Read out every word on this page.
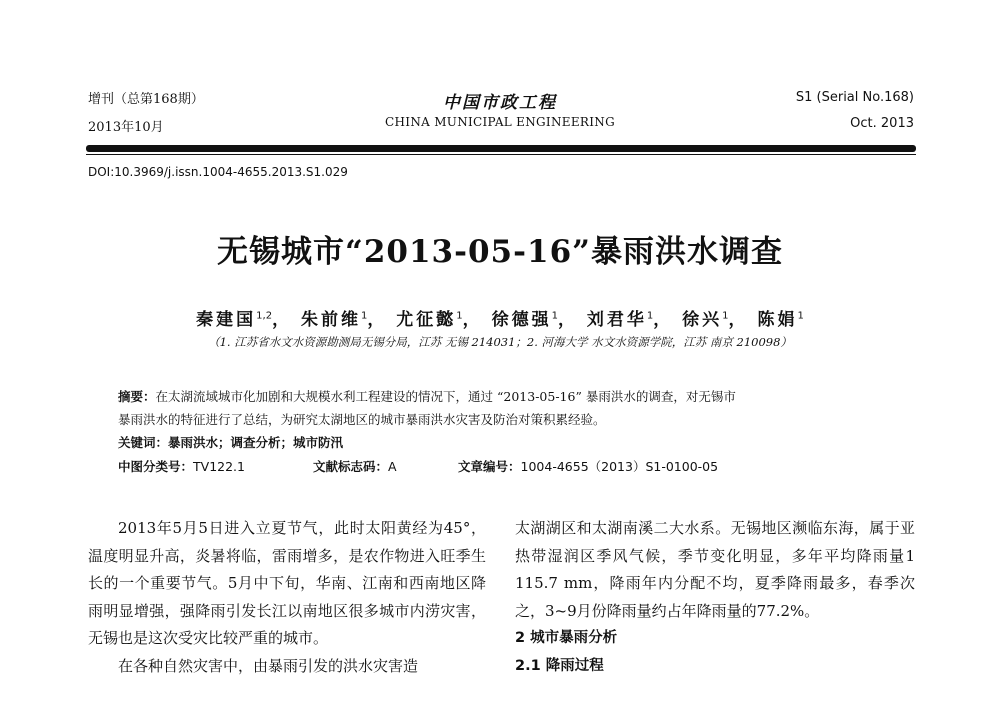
增刊（总第168期）
2013年10月
中国市政工程
CHINA MUNICIPAL ENGINEERING
S1 (Serial No.168)
Oct. 2013
DOI:10.3969/j.issn.1004-4655.2013.S1.029
无锡城市“2013-05-16”暴雨洪水调查
秦建国$^{1,2}$， 朱前维$^1$， 尤征懿$^1$， 徐德强$^1$， 刘君华$^1$， 徐兴$^1$， 陈娟$^1$
（1. 江苏省水文水资源勘测局无锡分局，江苏 无锡 214031；2. 河海大学 水文水资源学院，江苏 南京 210098）
摘要：在太湖流域城市化加剧和大规模水利工程建设的情况下，通过 “2013-05-16” 暴雨洪水的调查，对无锡市
暴雨洪水的特征进行了总结，为研究太湖地区的城市暴雨洪水灾害及防治对策积累经验。
关键词：暴雨洪水；调查分析；城市防汛
中图分类号：TV122.1	文献标志码：A	文章编号：1004-4655（2013）S1-0100-05

2013年5月5日进入立夏节气，此时太阳黄经为45°，温度明显升高，炎暑将临，雷雨增多，是农作物进入旺季生长的一个重要节气。5月中下旬，华南、江南和西南地区降雨明显增强，强降雨引发长江以南地区很多城市内涝灾害，无锡也是这次受灾比较严重的城市。

在各种自然灾害中，由暴雨引发的洪水灾害造

太湖湖区和太湖南溪二大水系。无锡地区濒临东海，属于亚热带湿润区季风气候，季节变化明显，多年平均降雨量1 115.7 mm，降雨年内分配不均，夏季降雨最多，春季次之，3~9月份降雨量约占年降雨量的77.2%。

2 城市暴雨分析

2.1 降雨过程
